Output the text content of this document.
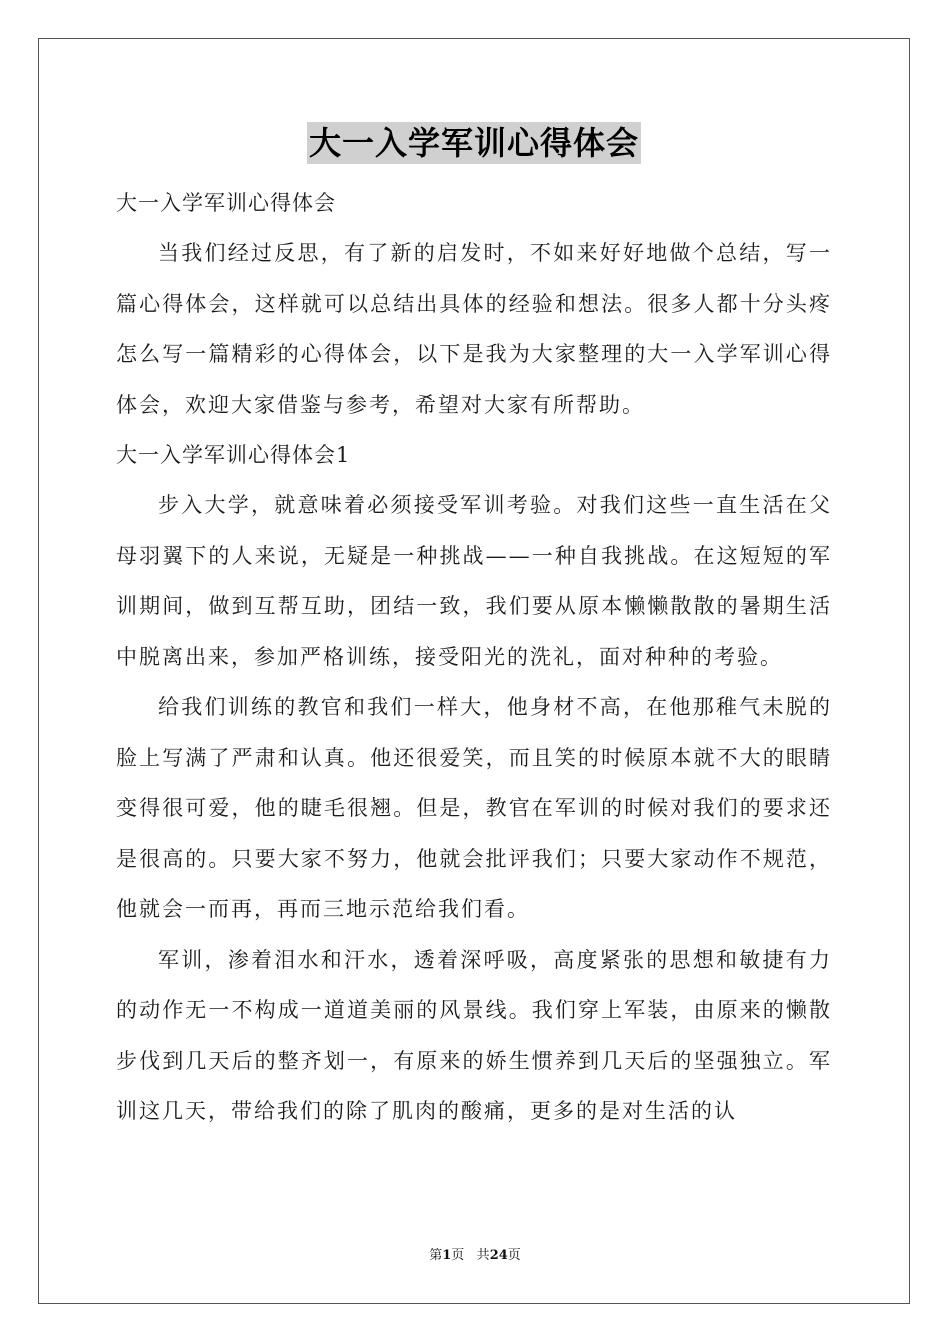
大一入学军训心得体会
大一入学军训心得体会

当我们经过反思，有了新的启发时，不如来好好地做个总结，写一篇心得体会，这样就可以总结出具体的经验和想法。很多人都十分头疼怎么写一篇精彩的心得体会，以下是我为大家整理的大一入学军训心得体会，欢迎大家借鉴与参考，希望对大家有所帮助。

大一入学军训心得体会1

步入大学，就意味着必须接受军训考验。对我们这些一直生活在父母羽翼下的人来说，无疑是一种挑战——一种自我挑战。在这短短的军训期间，做到互帮互助，团结一致，我们要从原本懒懒散散的暑期生活中脱离出来，参加严格训练，接受阳光的洗礼，面对种种的考验。

给我们训练的教官和我们一样大，他身材不高，在他那稚气未脱的脸上写满了严肃和认真。他还很爱笑，而且笑的时候原本就不大的眼睛变得很可爱，他的睫毛很翘。但是，教官在军训的时候对我们的要求还是很高的。只要大家不努力，他就会批评我们；只要大家动作不规范，他就会一而再，再而三地示范给我们看。

军训，渗着泪水和汗水，透着深呼吸，高度紧张的思想和敏捷有力的动作无一不构成一道道美丽的风景线。我们穿上军装，由原来的懒散步伐到几天后的整齐划一，有原来的娇生惯养到几天后的坚强独立。军训这几天，带给我们的除了肌肉的酸痛，更多的是对生活的认

第1页 共24页
